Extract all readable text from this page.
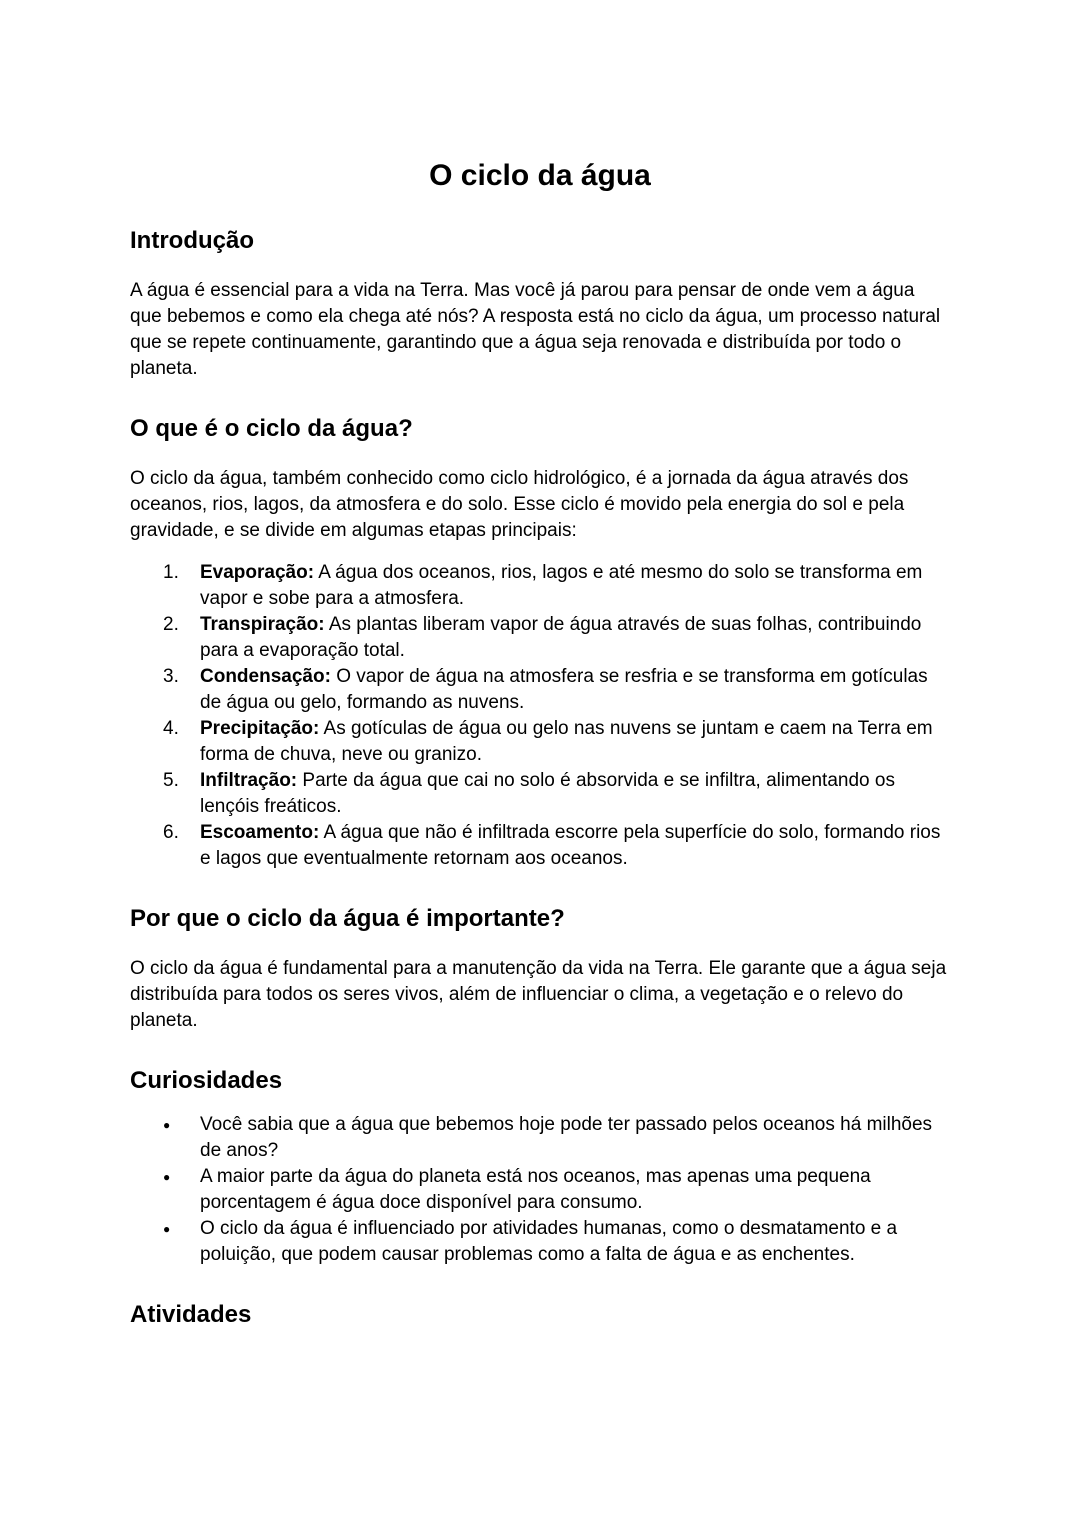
O ciclo da água
Introdução

A água é essencial para a vida na Terra. Mas você já parou para pensar de onde vem a água que bebemos e como ela chega até nós? A resposta está no ciclo da água, um processo natural que se repete continuamente, garantindo que a água seja renovada e distribuída por todo o planeta.

O que é o ciclo da água?

O ciclo da água, também conhecido como ciclo hidrológico, é a jornada da água através dos oceanos, rios, lagos, da atmosfera e do solo. Esse ciclo é movido pela energia do sol e pela gravidade, e se divide em algumas etapas principais:

1.	Evaporação: A água dos oceanos, rios, lagos e até mesmo do solo se transforma em vapor e sobe para a atmosfera.
2.	Transpiração: As plantas liberam vapor de água através de suas folhas, contribuindo para a evaporação total.
3.	Condensação: O vapor de água na atmosfera se resfria e se transforma em gotículas de água ou gelo, formando as nuvens.
4.	Precipitação: As gotículas de água ou gelo nas nuvens se juntam e caem na Terra em forma de chuva, neve ou granizo.
5.	Infiltração: Parte da água que cai no solo é absorvida e se infiltra, alimentando os lençóis freáticos.
6.	Escoamento: A água que não é infiltrada escorre pela superfície do solo, formando rios e lagos que eventualmente retornam aos oceanos.
Por que o ciclo da água é importante?

O ciclo da água é fundamental para a manutenção da vida na Terra. Ele garante que a água seja distribuída para todos os seres vivos, além de influenciar o clima, a vegetação e o relevo do planeta.

Curiosidades
●	Você sabia que a água que bebemos hoje pode ter passado pelos oceanos há milhões de anos?
●	A maior parte da água do planeta está nos oceanos, mas apenas uma pequena porcentagem é água doce disponível para consumo.
●	O ciclo da água é influenciado por atividades humanas, como o desmatamento e a poluição, que podem causar problemas como a falta de água e as enchentes.
Atividades
